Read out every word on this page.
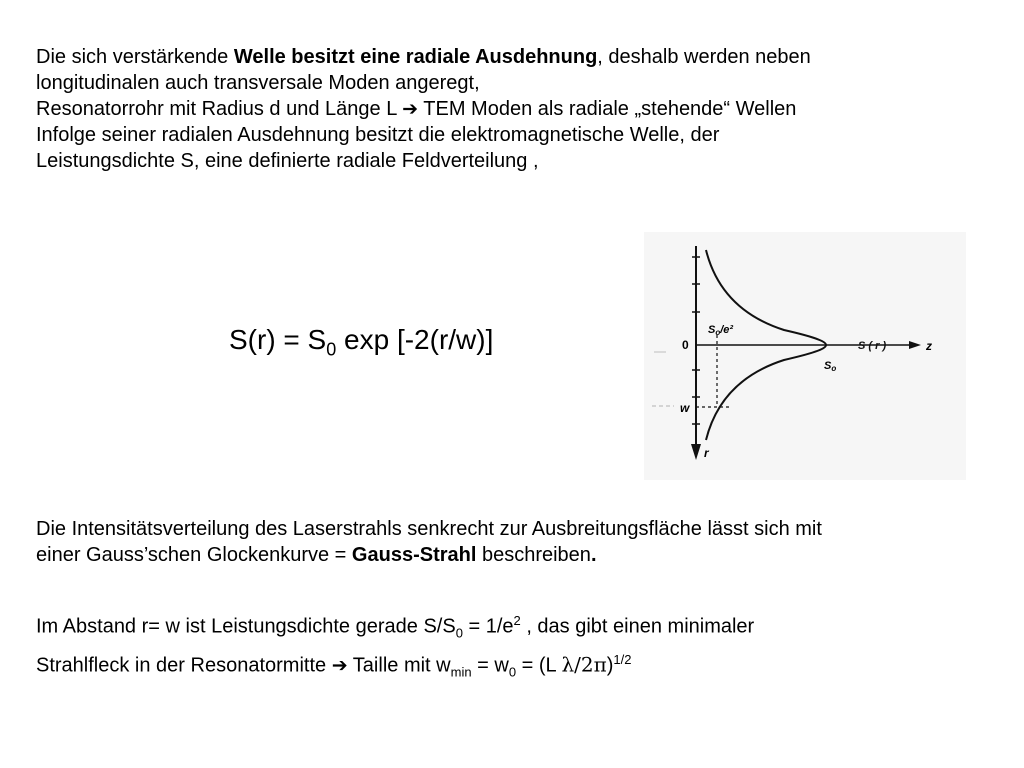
Die sich verstärkende Welle besitzt eine radiale Ausdehnung, deshalb werden neben
longitudinalen auch transversale Moden angeregt,
Resonatorrohr mit Radius d und Länge L ➔ TEM Moden als radiale „stehende“ Wellen
Infolge seiner radialen Ausdehnung besitzt die elektromagnetische Welle, der
Leistungsdichte S, eine definierte radiale Feldverteilung ,
$S(r) = S_0$ exp [-2(r/w)]	So/e²
0
w
r
So
S ( r )	z
Die Intensitätsverteilung des Laserstrahls senkrecht zur Ausbreitungsfläche lässt sich mit
einer Gauss’schen Glockenkurve = Gauss-Strahl beschreiben.
Im Abstand r= w ist Leistungsdichte gerade $S/S_0 = 1/e^2$ , das gibt einen minimaler
Strahlfleck in der Resonatormitte ➔ Taille mit $w_{min} = w_0 = (L$ λ/2π)$^{1/2}$
